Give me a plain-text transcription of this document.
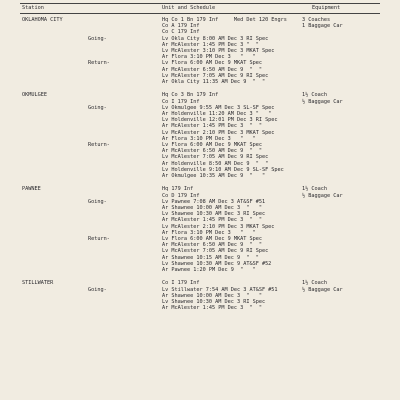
Station	Unit and Schedule	Equipment
OKLAHOMA CITY	Hq Co 1 Bn 179 Inf     Med Det 120 Engrs	3 Coaches
Co A 179 Inf	1 Baggage Car
Co C 179 Inf
Going-	Lv Okla City 8:00 AM Dec 3 RI Spec
Ar McAlester 1:45 PM Dec 3 "  "
Lv McAlester 3:10 PM Dec 3 MKAT Spec
Ar Flora 3:10 PM Dec 3   "   "
Return-	Lv Flora 6:00 AM Dec 9 MKAT Spec
Ar McAlester 6:50 AM Dec 9  "  "
Lv McAlester 7:05 AM Dec 9 RI Spec
Ar Okla City 11:35 AM Dec 9  "  "
OKMULGEE	Hq Co 3 Bn 179 Inf	1½ Coach
Co I 179 Inf	½ Baggage Car
Going-	Lv Okmulgee 9:55 AM Dec 3 SL-SF Spec
Ar Holdenville 11:20 AM Dec 3 "   "
Lv Holdenville 12:01 PM Dec 3 RI Spec
Ar McAlester 1:45 PM Dec 3  "  "
Lv McAlester 2:10 PM Dec 3 MKAT Spec
Ar Flora 3:10 PM Dec 3   "   "
Return-	Lv Flora 6:00 AM Dec 9 MKAT Spec
Ar McAlester 6:50 AM Dec 9  "  "
Lv McAlester 7:05 AM Dec 9 RI Spec
Ar Holdenville 8:50 AM Dec 9  "  "
Lv Holdenville 9:10 AM Dec 9 SL-SF Spec
Ar Okmulgee 10:35 AM Dec 9  "   "
PAWNEE	Hq 179 Inf	1½ Coach
Co D 179 Inf	½ Baggage Car
Going-	Lv Pawnee 7:08 AM Dec 3 AT&SF #51
Ar Shawnee 10:00 AM Dec 3  "   "
Lv Shawnee 10:30 AM Dec 3 RI Spec
Ar McAlester 1:45 PM Dec 3  "  "
Lv McAlester 2:10 PM Dec 3 MKAT Spec
Ar Flora 3:10 PM Dec 3   "   "
Return-	Lv Flora 6:00 AM Dec 9 MKAT Spec
Ar McAlester 6:50 AM Dec 9  "  "
Lv McAlester 7:05 AM Dec 9 RI Spec
Ar Shawnee 10:15 AM Dec 9  "  "
Lv Shawnee 10:30 AM Dec 9 AT&SF #52
Ar Pawnee 1:20 PM Dec 9  "   "
STILLWATER	Co I 179 Inf	1½ Coach
Going-	Lv Stillwater 7:54 AM Dec 3 AT&SF #51	½ Baggage Car
Ar Shawnee 10:00 AM Dec 3  "   "
Lv Shawnee 10:30 AM Dec 3 RI Spec
Ar McAlester 1:45 PM Dec 3  "  "
